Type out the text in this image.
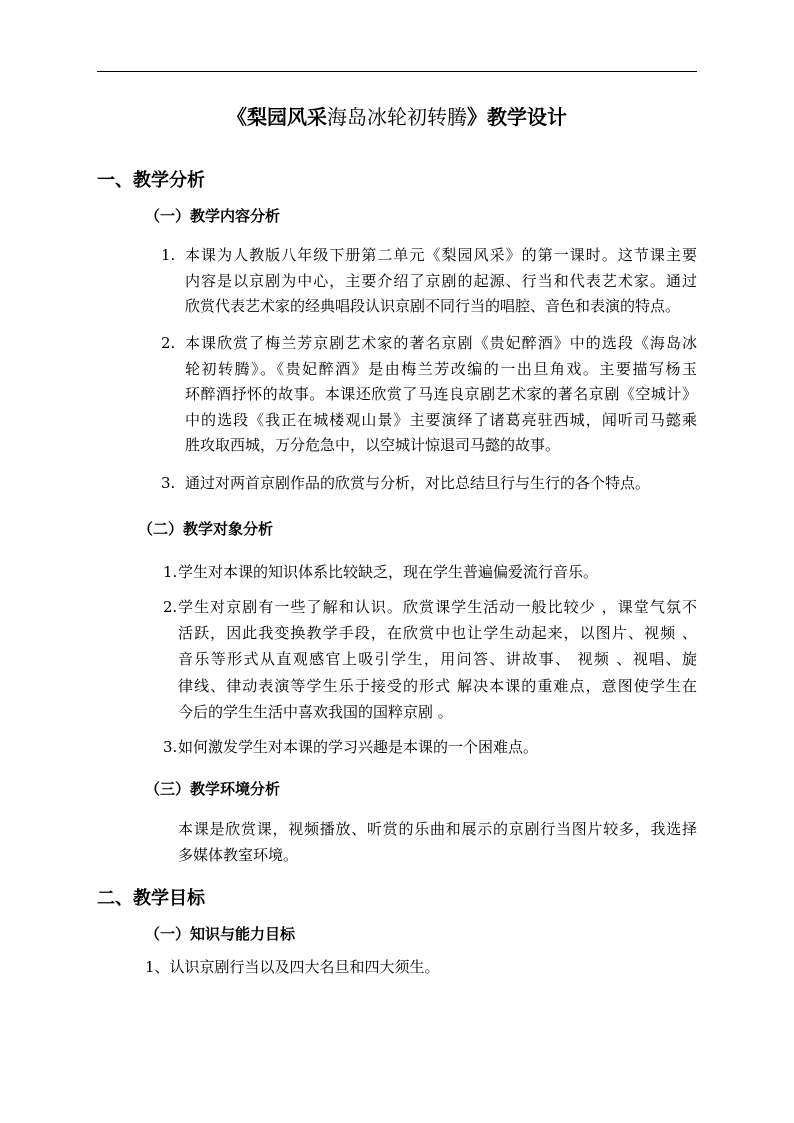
《梨园风采海岛冰轮初转腾》教学设计
一、教学分析
（一）教学内容分析
1. 本课为人教版八年级下册第二单元《梨园风采》的第一课时。这节课主要
内容是以京剧为中心，主要介绍了京剧的起源、行当和代表艺术家。通过
欣赏代表艺术家的经典唱段认识京剧不同行当的唱腔、音色和表演的特点。
2. 本课欣赏了梅兰芳京剧艺术家的著名京剧《贵妃醉酒》中的选段《海岛冰
轮初转腾》。《贵妃醉酒》是由梅兰芳改编的一出旦角戏。主要描写杨玉
环醉酒抒怀的故事。本课还欣赏了马连良京剧艺术家的著名京剧《空城计》
中的选段《我正在城楼观山景》主要演绎了诸葛亮驻西城，闻听司马懿乘
胜攻取西城，万分危急中，以空城计惊退司马懿的故事。
3. 通过对两首京剧作品的欣赏与分析，对比总结旦行与生行的各个特点。
（二）教学对象分析
1. 学生对本课的知识体系比较缺乏，现在学生普遍偏爱流行音乐。
2. 学生对京剧有一些了解和认识。欣赏课学生活动一般比较少 ，课堂气氛不
活跃，因此我变换教学手段，在欣赏中也让学生动起来，以图片、视频 、
音乐等形式从直观感官上吸引学生，用问答、讲故事、 视频 、视唱、旋
律线、律动表演等学生乐于接受的形式 解决本课的重难点，意图使学生在
今后的学生生活中喜欢我国的国粹京剧 。
3. 如何激发学生对本课的学习兴趣是本课的一个困难点。
（三）教学环境分析
本课是欣赏课，视频播放、听赏的乐曲和展示的京剧行当图片较多，我选择
多媒体教室环境。
二、教学目标
（一）知识与能力目标
1、认识京剧行当以及四大名旦和四大须生。
